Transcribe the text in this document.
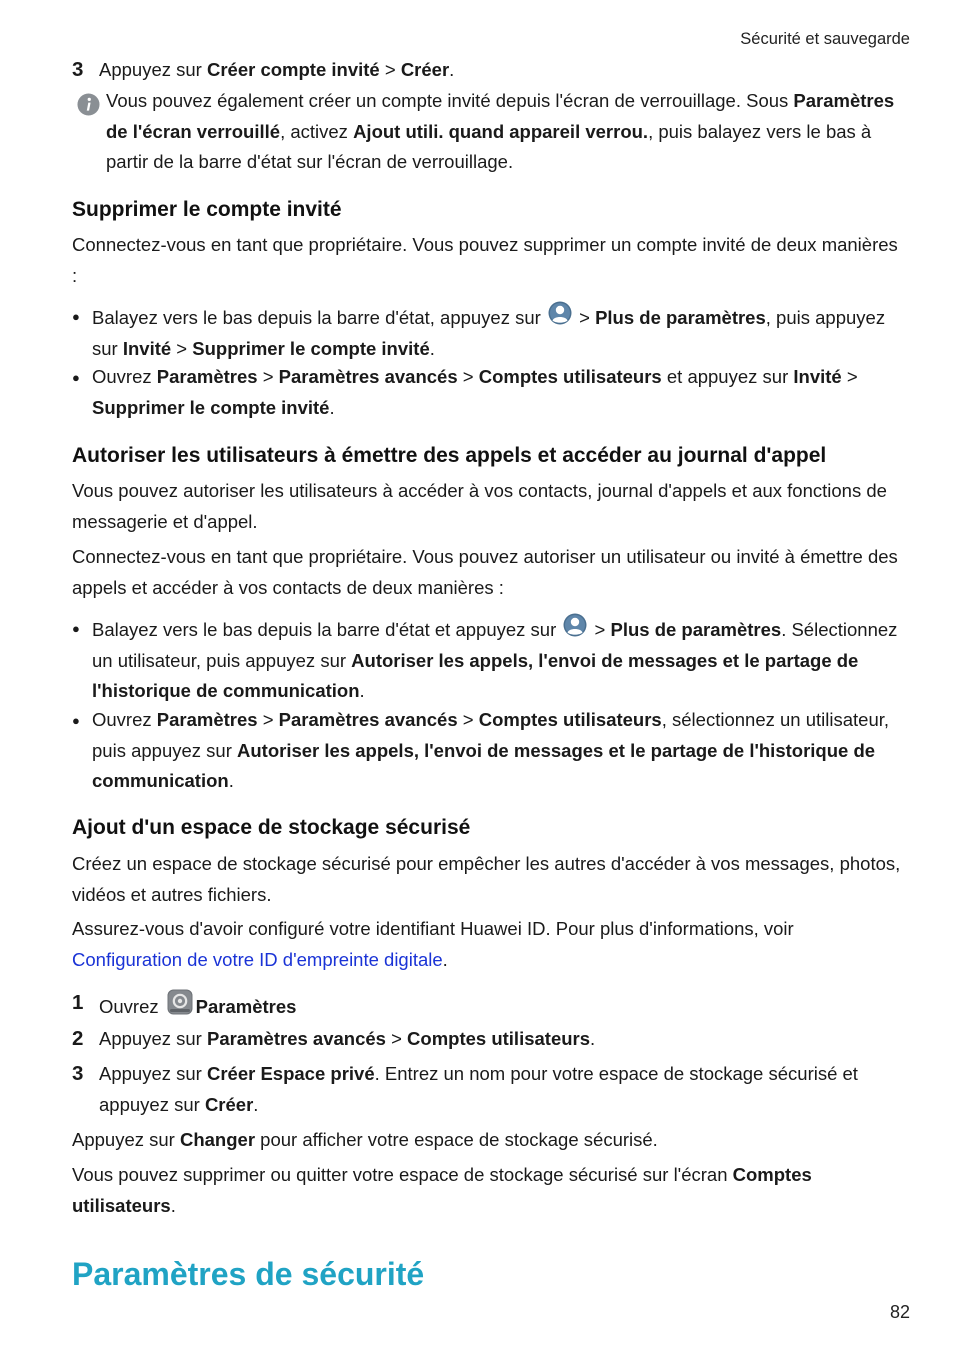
Sécurité et sauvegarde
3 Appuyez sur Créer compte invité > Créer.
Vous pouvez également créer un compte invité depuis l'écran de verrouillage. Sous Paramètres de l'écran verrouillé, activez Ajout utili. quand appareil verrou., puis balayez vers le bas à partir de la barre d'état sur l'écran de verrouillage.
Supprimer le compte invité
Connectez-vous en tant que propriétaire. Vous pouvez supprimer un compte invité de deux manières :
● Balayez vers le bas depuis la barre d'état, appuyez sur  > Plus de paramètres, puis appuyez sur Invité > Supprimer le compte invité.
● Ouvrez Paramètres > Paramètres avancés > Comptes utilisateurs et appuyez sur Invité > Supprimer le compte invité.
Autoriser les utilisateurs à émettre des appels et accéder au journal d'appel
Vous pouvez autoriser les utilisateurs à accéder à vos contacts, journal d'appels et aux fonctions de messagerie et d'appel.
Connectez-vous en tant que propriétaire. Vous pouvez autoriser un utilisateur ou invité à émettre des appels et accéder à vos contacts de deux manières :
● Balayez vers le bas depuis la barre d'état et appuyez sur  > Plus de paramètres. Sélectionnez un utilisateur, puis appuyez sur Autoriser les appels, l'envoi de messages et le partage de l'historique de communication.
● Ouvrez Paramètres > Paramètres avancés > Comptes utilisateurs, sélectionnez un utilisateur, puis appuyez sur Autoriser les appels, l'envoi de messages et le partage de l'historique de communication.
Ajout d'un espace de stockage sécurisé
Créez un espace de stockage sécurisé pour empêcher les autres d'accéder à vos messages, photos, vidéos et autres fichiers.
Assurez-vous d'avoir configuré votre identifiant Huawei ID. Pour plus d'informations, voir Configuration de votre ID d'empreinte digitale.
1 Ouvrez Paramètres
2 Appuyez sur Paramètres avancés > Comptes utilisateurs.
3 Appuyez sur Créer Espace privé. Entrez un nom pour votre espace de stockage sécurisé et appuyez sur Créer.
Appuyez sur Changer pour afficher votre espace de stockage sécurisé.
Vous pouvez supprimer ou quitter votre espace de stockage sécurisé sur l'écran Comptes utilisateurs.
Paramètres de sécurité
82
